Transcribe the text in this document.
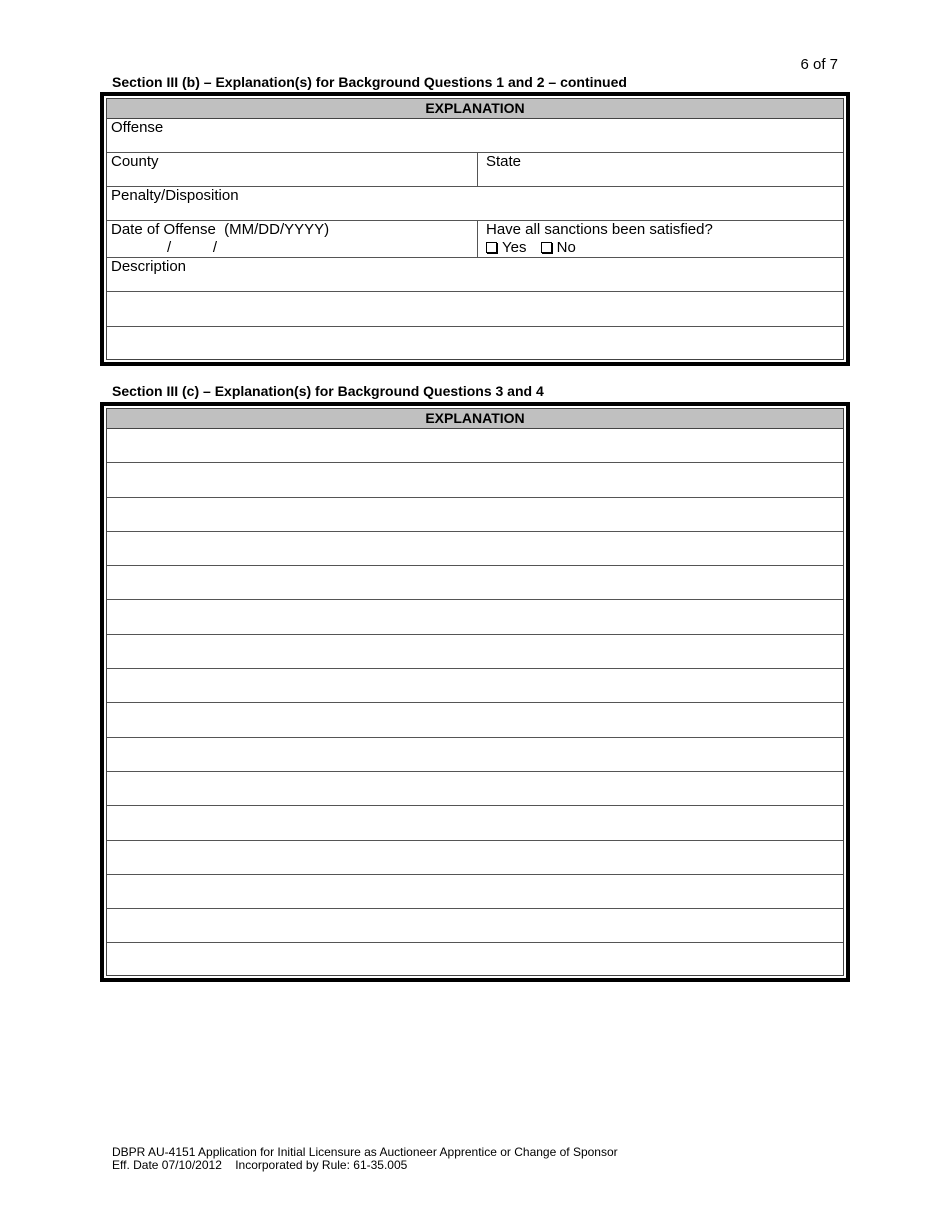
6 of 7
Section III (b) – Explanation(s) for Background Questions 1 and 2 – continued
EXPLANATION
Offense
County	State
Penalty/Disposition
Date of Offense  (MM/DD/YYYY)
/          /
Have all sanctions been satisfied?
Yes No
Description
Section III (c) – Explanation(s) for Background Questions 3 and 4
EXPLANATION
DBPR AU-4151 Application for Initial Licensure as Auctioneer Apprentice or Change of Sponsor
Eff. Date 07/10/2012    Incorporated by Rule: 61-35.005
